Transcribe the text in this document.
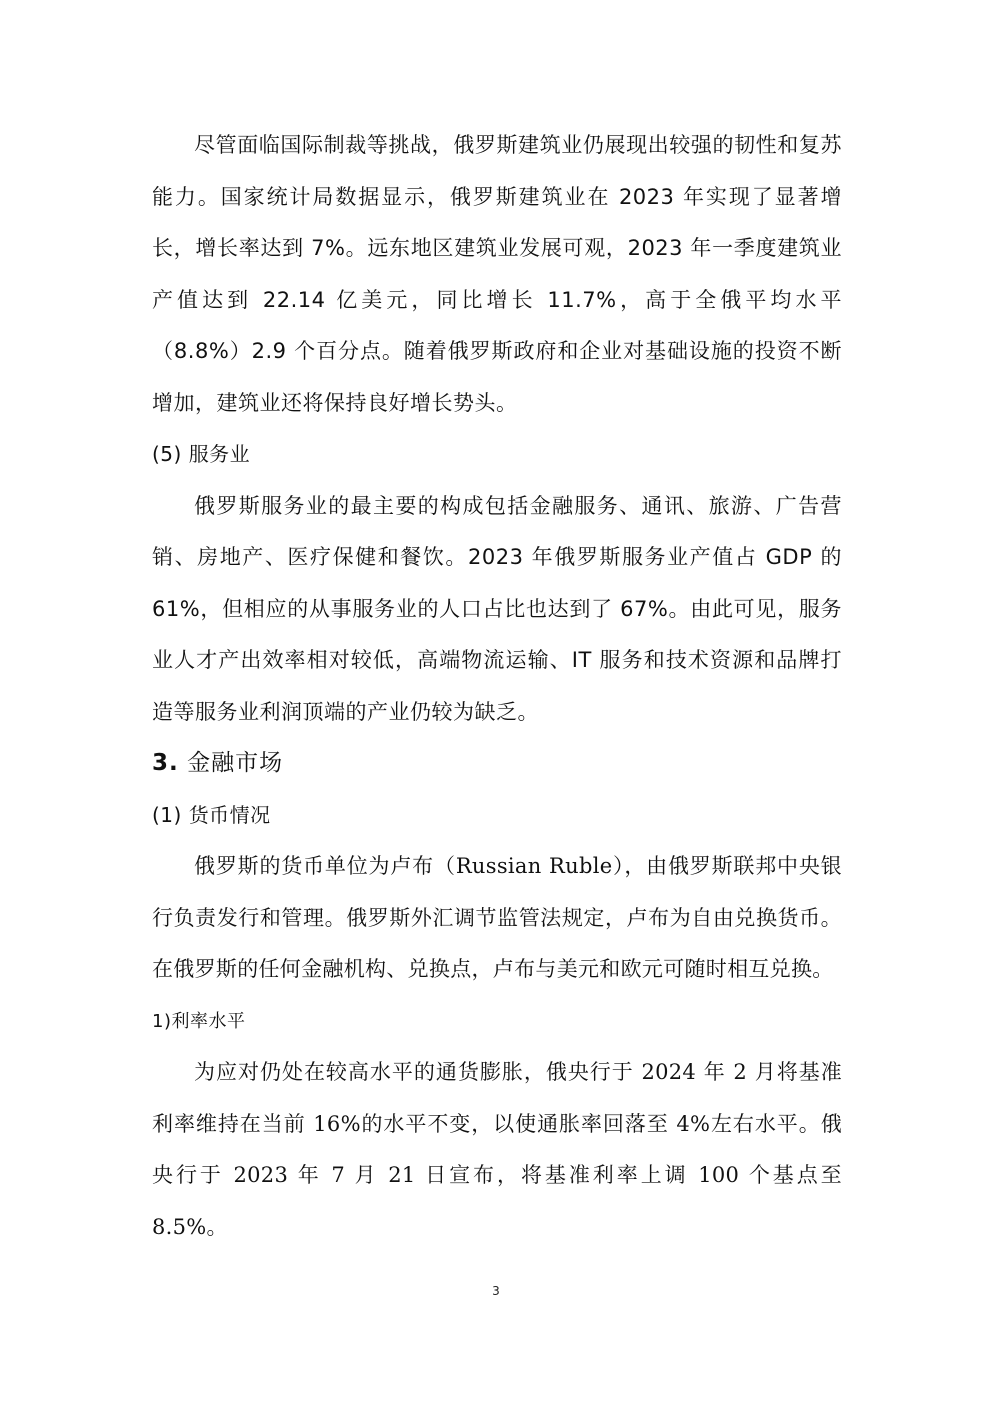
尽管面临国际制裁等挑战，俄罗斯建筑业仍展现出较强的韧性和复苏能力。国家统计局数据显示，俄罗斯建筑业在 2023 年实现了显著增长，增长率达到 7%。远东地区建筑业发展可观，2023 年一季度建筑业产值达到 22.14 亿美元，同比增长 11.7%，高于全俄平均水平（8.8%）2.9 个百分点。随着俄罗斯政府和企业对基础设施的投资不断增加，建筑业还将保持良好增长势头。

(5) 服务业

俄罗斯服务业的最主要的构成包括金融服务、通讯、旅游、广告营销、房地产、医疗保健和餐饮。2023 年俄罗斯服务业产值占 GDP 的 61%，但相应的从事服务业的人口占比也达到了 67%。由此可见，服务业人才产出效率相对较低，高端物流运输、IT 服务和技术资源和品牌打造等服务业利润顶端的产业仍较为缺乏。

3. 金融市场

(1) 货币情况

俄罗斯的货币单位为卢布（Russian Ruble），由俄罗斯联邦中央银行负责发行和管理。俄罗斯外汇调节监管法规定，卢布为自由兑换货币。在俄罗斯的任何金融机构、兑换点，卢布与美元和欧元可随时相互兑换。

1)利率水平

为应对仍处在较高水平的通货膨胀，俄央行于 2024 年 2 月将基准利率维持在当前 16%的水平不变，以使通胀率回落至 4%左右水平。俄央行于 2023 年 7 月 21 日宣布，将基准利率上调 100 个基点至 8.5%。

3
